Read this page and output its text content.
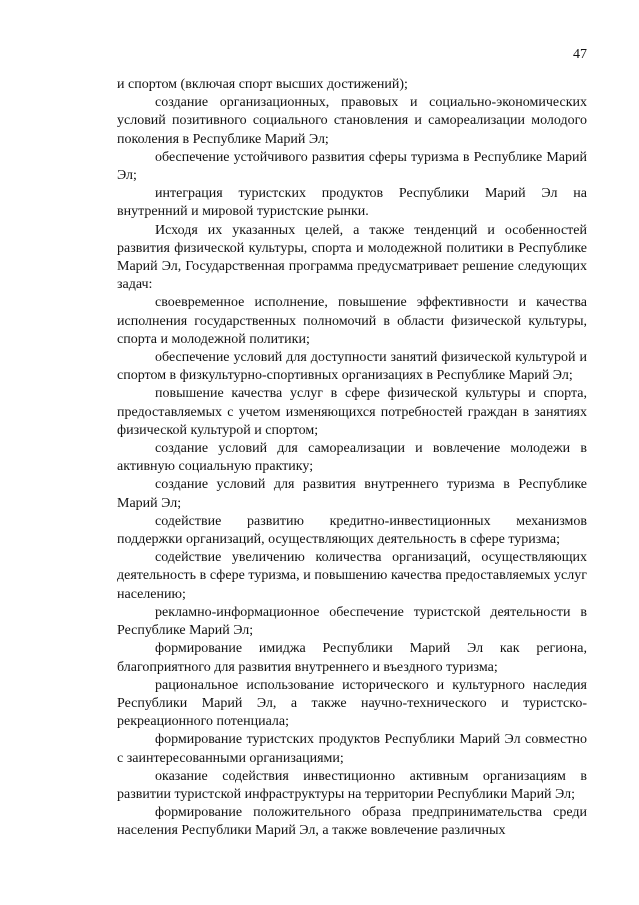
47

и спортом (включая спорт высших достижений);

создание организационных, правовых и социально-экономических условий позитивного социального становления и самореализации молодого поколения в Республике Марий Эл;

обеспечение устойчивого развития сферы туризма в Республике Марий Эл;

интеграция туристских продуктов Республики Марий Эл на внутренний и мировой туристские рынки.

Исходя их указанных целей, а также тенденций и особенностей развития физической культуры, спорта и молодежной политики в Республике Марий Эл, Государственная программа предусматривает решение следующих задач:

своевременное исполнение, повышение эффективности и качества исполнения государственных полномочий в области физической культуры, спорта и молодежной политики;

обеспечение условий для доступности занятий физической культурой и спортом в физкультурно-спортивных организациях в Республике Марий Эл;

повышение качества услуг в сфере физической культуры и спорта, предоставляемых с учетом изменяющихся потребностей граждан в занятиях физической культурой и спортом;

создание условий для самореализации и вовлечение молодежи в активную социальную практику;

создание условий для развития внутреннего туризма в Республике Марий Эл;

содействие развитию кредитно-инвестиционных механизмов поддержки организаций, осуществляющих деятельность в сфере туризма;

содействие увеличению количества организаций, осуществляющих деятельность в сфере туризма, и повышению качества предоставляемых услуг населению;

рекламно-информационное обеспечение туристской деятельности в Республике Марий Эл;

формирование имиджа Республики Марий Эл как региона, благоприятного для развития внутреннего и въездного туризма;

рациональное использование исторического и культурного наследия Республики Марий Эл, а также научно-технического и туристско-рекреационного потенциала;

формирование туристских продуктов Республики Марий Эл совместно с заинтересованными организациями;

оказание содействия инвестиционно активным организациям в развитии туристской инфраструктуры на территории Республики Марий Эл;

формирование положительного образа предпринимательства среди населения Республики Марий Эл, а также вовлечение различных
